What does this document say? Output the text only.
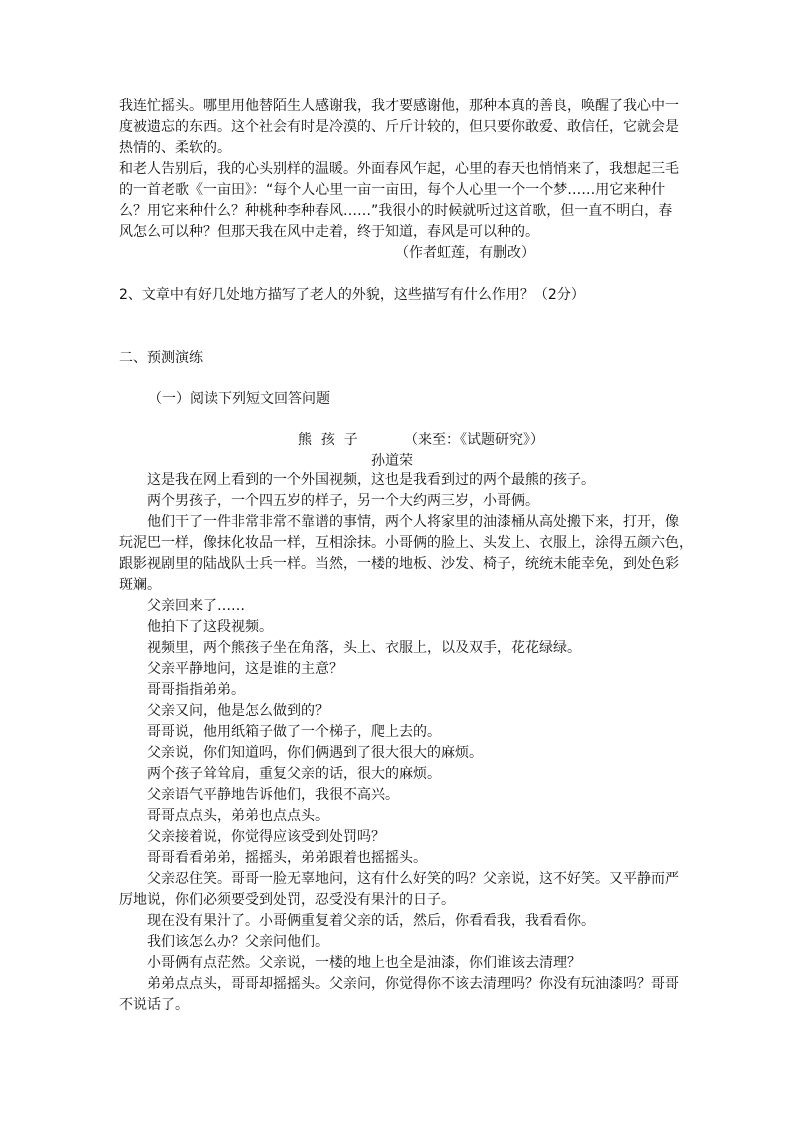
我连忙摇头。哪里用他替陌生人感谢我，我才要感谢他，那种本真的善良，唤醒了我心中一
度被遗忘的东西。这个社会有时是冷漠的、斤斤计较的，但只要你敢爱、敢信任，它就会是
热情的、柔软的。
和老人告别后，我的心头别样的温暖。外面春风乍起，心里的春天也悄悄来了，我想起三毛
的一首老歌《一亩田》：“每个人心里一亩一亩田，每个人心里一个一个梦……用它来种什
么？用它来种什么？种桃种李种春风……”我很小的时候就听过这首歌，但一直不明白，春
风怎么可以种？但那天我在风中走着，终于知道，春风是可以种的。
（作者虹莲，有删改）
2、文章中有好几处地方描写了老人的外貌，这些描写有什么作用？（2分）
二、预测演练
（一）阅读下列短文回答问题
熊  孩  子	（来至：《试题研究》）
孙道荣
这是我在网上看到的一个外国视频，这也是我看到过的两个最熊的孩子。
两个男孩子，一个四五岁的样子，另一个大约两三岁，小哥俩。
他们干了一件非常非常不靠谱的事情，两个人将家里的油漆桶从高处搬下来，打开，像
玩泥巴一样，像抹化妆品一样，互相涂抹。小哥俩的脸上、头发上、衣服上，涂得五颜六色，
跟影视剧里的陆战队士兵一样。当然，一楼的地板、沙发、椅子，统统未能幸免，到处色彩
斑斓。
父亲回来了……
他拍下了这段视频。
视频里，两个熊孩子坐在角落，头上、衣服上，以及双手，花花绿绿。
父亲平静地问，这是谁的主意？
哥哥指指弟弟。
父亲又问，他是怎么做到的？
哥哥说，他用纸箱子做了一个梯子，爬上去的。
父亲说，你们知道吗，你们俩遇到了很大很大的麻烦。
两个孩子耸耸肩，重复父亲的话，很大的麻烦。
父亲语气平静地告诉他们，我很不高兴。
哥哥点点头，弟弟也点点头。
父亲接着说，你觉得应该受到处罚吗？
哥哥看看弟弟，摇摇头，弟弟跟着也摇摇头。
父亲忍住笑。哥哥一脸无辜地问，这有什么好笑的吗？父亲说，这不好笑。又平静而严
厉地说，你们必须要受到处罚，忍受没有果汁的日子。
现在没有果汁了。小哥俩重复着父亲的话，然后，你看看我，我看看你。
我们该怎么办？父亲问他们。
小哥俩有点茫然。父亲说，一楼的地上也全是油漆，你们谁该去清理？
弟弟点点头，哥哥却摇摇头。父亲问，你觉得你不该去清理吗？你没有玩油漆吗？哥哥
不说话了。
